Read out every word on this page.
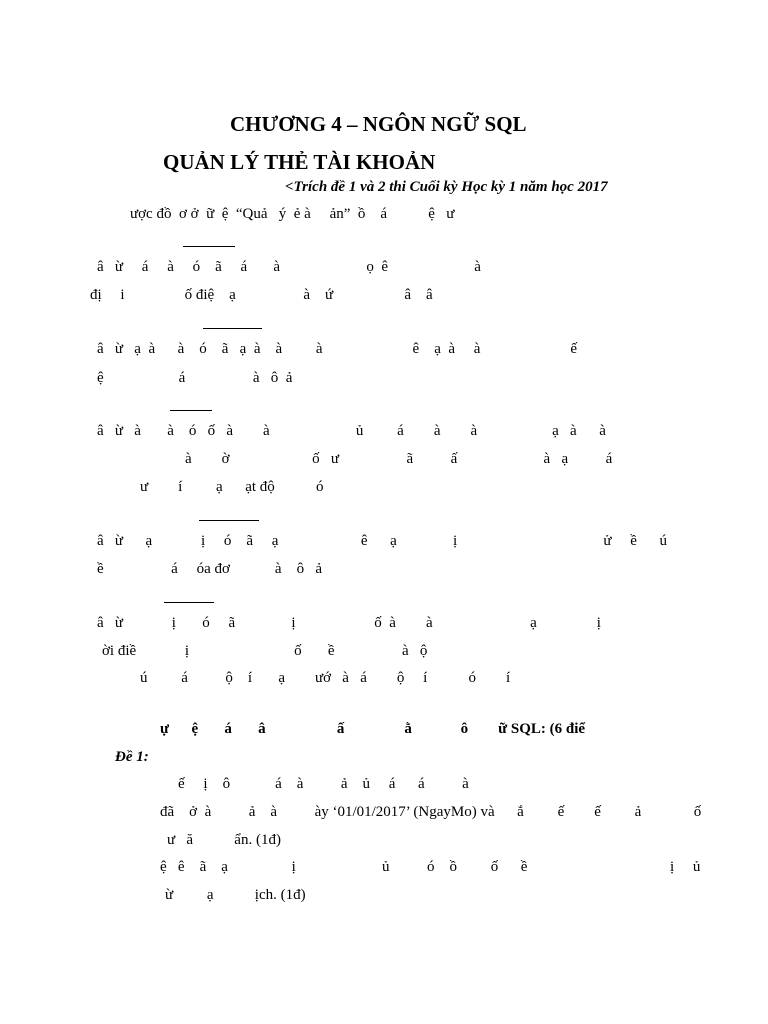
CHƯƠNG 4 – NGÔN NGỮ SQL
QUẢN LÝ THẺ TÀI KHOẢN
<Trích đề 1 và 2 thi Cuối kỳ Học kỳ 1 năm học 2017
ược đồ  ơ ở  ữ  ệ  “Quả   ý  ẻ à     ản”  ồ    á           ệ   ư
â   ừ     á     à     ó    ã     á       à                       ọ  ê                       à
đị     i                ố điệ    ạ                  à    ứ                   â    â
â   ừ   ạ  à      à    ó    ã   ạ  à    à         à                        ê    ạ  à     à                        ế
ệ                    á                  à   ô  ả
â   ừ   à       à    ó   ố   à        à                       ủ         á        à        à                    ạ   à      à
à        ờ                      ố   ư                  ã          ấ                       à   ạ          á
ư        í         ạ      ạt độ           ó
â   ừ      ạ             ị     ó    ã     ạ                      ê      ạ               ị                                       ử     ề      ú
ề                  á     óa đơ            à    ô   ả
â   ừ             ị       ó     ã               ị                     ố  à        à                          ạ                ị
ời điề             ị                            ố       ề                  à   ộ
ú         á          ộ    í       ạ        ướ   à   á        ộ     í           ó        í
ự      ệ       á       â                   ấ                ằ             ô        ữ SQL: (6 điể
Đề 1:
ế     ị    ô            á    à          ả    ủ     á      á          à
đã    ở  à          ả    à          ày ‘01/01/2017’ (NgayMo) và      ắ         ế        ế         ả              ố
ư   ă           ẩn. (1đ)
ệ   ê    ã    ạ                 ị                       ủ          ó    ồ         ố      ề                                      ị     ủ
ừ         ạ           ịch. (1đ)
